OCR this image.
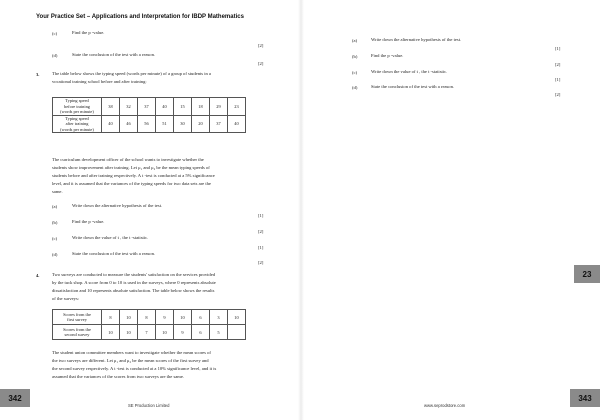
Your Practice Set – Applications and Interpretation for IBDP Mathematics
(c)	Find the p -value.
[2]
(d)	State the conclusion of the test with a reason.
[2]
3.	The table below shows the typing speed (words per minute) of a group of students in a

vocational training school before and after training:

Typing speed
before training
(words per minute)	38	32	37	40	15	18	29	23

Typing speed
after training
(words per minute)	40	46	56	51	30	20	37	40

The curriculum development officer of the school wants to investigate whether the

students show improvement after training. Let μ₁ and μ₂ be the mean typing speeds of

students before and after training respectively. A t -test is conducted at a 5% significance

level, and it is assumed that the variances of the typing speeds for two data sets are the

same.

(a)	Write down the alternative hypothesis of the test.
[1]
(b)	Find the p -value.
[2]
(c)	Write down the value of t , the t -statistic.
[1]
(d)	State the conclusion of the test with a reason.
[2]
4.	Two surveys are conducted to measure the students' satisfaction on the services provided

by the tuck shop. A score from 0 to 10 is used in the surveys, where 0 represents absolute

dissatisfaction and 10 represents absolute satisfaction. The table below shows the results

of the surveys:

Scores from the
first survey	8	10	8	9	10	6	3	10

Scores from the
second survey	10	10	7	10	9	6	5	

The student union committee members want to investigate whether the mean scores of

the two surveys are different. Let μ₁ and μ₂ be the mean scores of the first survey and

the second survey respectively. A t -test is conducted at a 10% significance level, and it is

assumed that the variances of the scores from two surveys are the same.

(a)	Write down the alternative hypothesis of the test.
[1]
(b)	Find the p -value.
[2]
(c)	Write down the value of t , the t -statistic.
[1]
(d)	State the conclusion of the test with a reason.
[2]
23
342	343
SE Production Limited	www.seprodstore.com
